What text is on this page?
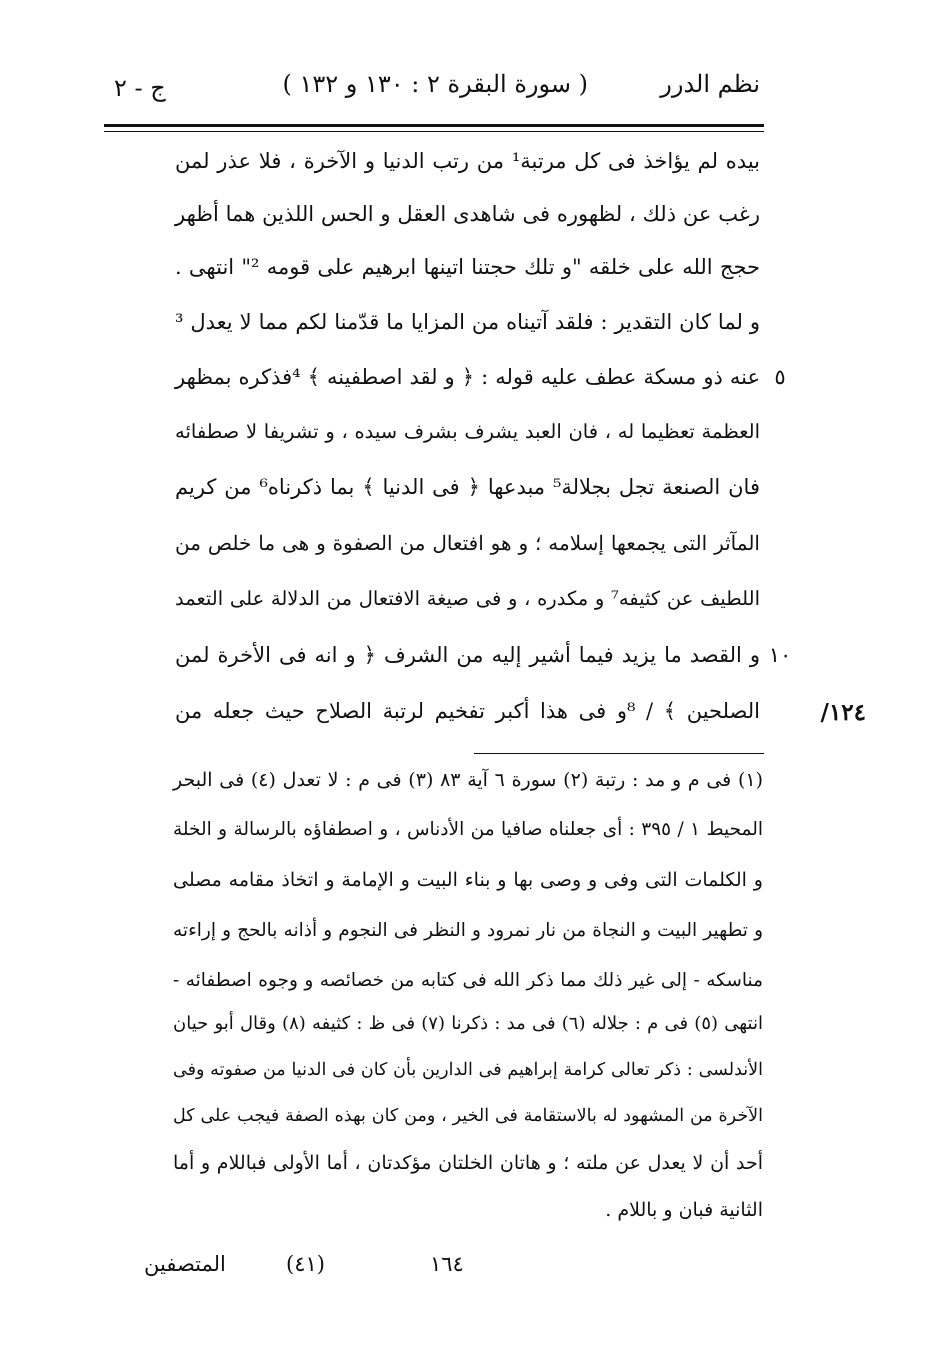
نظم الدرر
( سورة البقرة ٢ : ١٣٠ و ١٣٢ )
ج - ٢
بيده لم يؤاخذ فى كل مرتبة¹ من رتب الدنيا و الآخرة ، فلا عذر لمن
رغب عن ذلك ، لظهوره فى شاهدى العقل و الحس اللذين هما أظهر
حجج الله على خلقه "و تلك حجتنا اتينها ابرهيم على قومه ²" انتهى .
و لما كان التقدير : فلقد آتيناه من المزايا ما قدّمنا لكم مما لا يعدل ³
عنه ذو مسكة عطف عليه قوله : ﴿ و لقد اصطفينه ﴾ ⁴فذكره بمظهر
العظمة تعظيما له ، فان العبد يشرف بشرف سيده ، و تشريفا لا صطفائه
فان الصنعة تجل بجلالة⁵ مبدعها ﴿ فى الدنيا ﴾ بما ذكرناه⁶ من كريم
المآثر التى يجمعها إسلامه ؛ و هو افتعال من الصفوة و هى ما خلص من
اللطيف عن كثيفه⁷ و مكدره ، و فى صيغة الافتعال من الدلالة على التعمد
و القصد ما يزيد فيما أشير إليه من الشرف ﴿ و انه فى الأخرة لمن
الصلحين ﴾ / ⁸و فى هذا أكبر تفخيم لرتبة الصلاح حيث جعله من
٥
١٠
١٢٤/
(١) فى م و مد : رتبة (٢) سورة ٦ آية ٨٣ (٣) فى م : لا تعدل (٤) فى البحر
المحيط ١ / ٣٩٥ : أى جعلناه صافيا من الأدناس ، و اصطفاؤه بالرسالة و الخلة
و الكلمات التى وفى و وصى بها و بناء البيت و الإمامة و اتخاذ مقامه مصلى
و تطهير البيت و النجاة من نار نمرود و النظر فى النجوم و أذانه بالحج و إراءته
مناسكه - إلى غير ذلك مما ذكر الله فى كتابه من خصائصه و وجوه اصطفائه -
انتهى (٥) فى م : جلاله (٦) فى مد : ذكرنا (٧) فى ظ : كثيفه (٨) وقال أبو حيان
الأندلسى : ذكر تعالى كرامة إبراهيم فى الدارين بأن كان فى الدنيا من صفوته وفى
الآخرة من المشهود له بالاستقامة فى الخير ، ومن كان بهذه الصفة فيجب على كل
أحد أن لا يعدل عن ملته ؛ و هاتان الخلتان مؤكدتان ، أما الأولى فباللام و أما
الثانية فبان و باللام .
١٦٤
(٤١)
المتصفين
